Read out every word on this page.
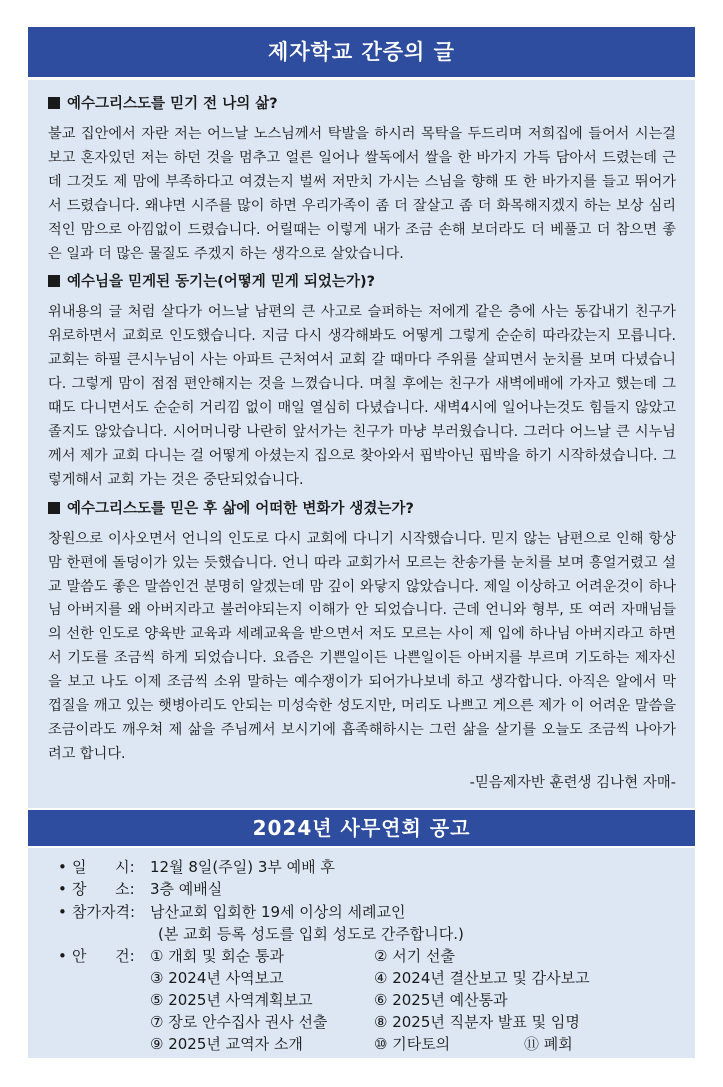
제자학교 간증의 글

예수그리스도를 믿기 전 나의 삶?

불교 집안에서 자란 저는 어느날 노스님께서 탁발을 하시러 목탁을 두드리며 저희집에 들어서 시는걸 보고 혼자있던 저는 하던 것을 멈추고 얼른 일어나 쌀독에서 쌀을 한 바가지 가득 담아서 드렸는데 근데 그것도 제 맘에 부족하다고 여겼는지 벌써 저만치 가시는 스님을 향해 또 한 바가지를 들고 뛰어가서 드렸습니다. 왜냐면 시주를 많이 하면 우리가족이 좀 더 잘살고 좀 더 화목해지겠지 하는 보상 심리적인 맘으로 아낌없이 드렸습니다. 어릴때는 이렇게 내가 조금 손해 보더라도 더 베풀고 더 참으면 좋은 일과 더 많은 물질도 주겠지 하는 생각으로 살았습니다.

예수님을 믿게된 동기는(어떻게 믿게 되었는가)?

위내용의 글 처럼 살다가 어느날 남편의 큰 사고로 슬퍼하는 저에게 같은 층에 사는 동갑내기 친구가 위로하면서 교회로 인도했습니다. 지금 다시 생각해봐도 어떻게 그렇게 순순히 따라갔는지 모릅니다. 교회는 하필 큰시누님이 사는 아파트 근처여서 교회 갈 때마다 주위를 살피면서 눈치를 보며 다녔습니다. 그렇게 맘이 점점 편안해지는 것을 느꼈습니다. 며칠 후에는 친구가 새벽에배에 가자고 했는데 그때도 다니면서도 순순히 거리낌 없이 매일 열심히 다녔습니다. 새벽4시에 일어나는것도 힘들지 않았고 졸지도 않았습니다. 시어머니랑 나란히 앞서가는 친구가 마냥 부러웠습니다. 그러다 어느날 큰 시누님께서 제가 교회 다니는 걸 어떻게 아셨는지 집으로 찾아와서 핍박아닌 핍박을 하기 시작하셨습니다. 그렇게해서 교회 가는 것은 중단되었습니다.

예수그리스도를 믿은 후 삶에 어떠한 변화가 생겼는가?

창원으로 이사오면서 언니의 인도로 다시 교회에 다니기 시작했습니다. 믿지 않는 남편으로 인해 항상 맘 한편에 돌덩이가 있는 듯했습니다. 언니 따라 교회가서 모르는 찬송가를 눈치를 보며 흥얼거렸고 설교 말씀도 좋은 말씀인건 분명히 알겠는데 맘 깊이 와닿지 않았습니다. 제일 이상하고 어려운것이 하나님 아버지를 왜 아버지라고 불러야되는지 이해가 안 되었습니다. 근데 언니와 형부, 또 여러 자매님들의 선한 인도로 양육반 교육과 세례교육을 받으면서 저도 모르는 사이 제 입에 하나님 아버지라고 하면서 기도를 조금씩 하게 되었습니다. 요즘은 기쁜일이든 나쁜일이든 아버지를 부르며 기도하는 제자신을 보고 나도 이제 조금씩 소위 말하는 예수쟁이가 되어가나보네 하고 생각합니다. 아직은 알에서 막 껍질을 깨고 있는 햇병아리도 안되는 미성숙한 성도지만, 머리도 나쁘고 게으른 제가 이 어려운 말씀을 조금이라도 깨우쳐 제 삶을 주님께서 보시기에 흡족해하시는 그런 삶을 살기를 오늘도 조금씩 나아가려고 합니다.

-믿음제자반 훈련생 김나현 자매-

2024년 사무연회 공고
• 일      시: 12월 8일(주일) 3부 예배 후
• 장      소: 3층 예배실
• 참가자격: 남산교회 입회한 19세 이상의 세례교인
(본 교회 등록 성도를 입회 성도로 간주합니다.)
• 안      건: ① 개회 및 회순 통과	② 서기 선출
③ 2024년 사역보고	④ 2024년 결산보고 및 감사보고
⑤ 2025년 사역계획보고	⑥ 2025년 예산통과
⑦ 장로 안수집사 권사 선출	⑧ 2025년 직분자 발표 및 임명
⑨ 2025년 교역자 소개	⑩ 기타토의	⑪ 폐회
